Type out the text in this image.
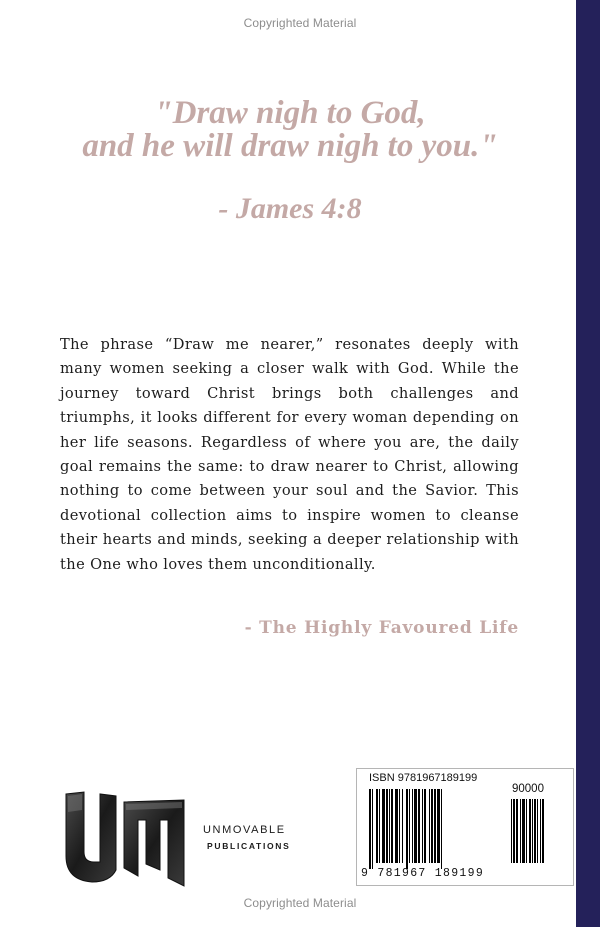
Copyrighted Material
"Draw nigh to God,
and he will draw nigh to you."
- James 4:8
The phrase “Draw me nearer,” resonates deeply with many women seeking a closer walk with God. While the journey toward Christ brings both challenges and triumphs, it looks different for every woman depending on her life seasons. Regardless of where you are, the daily goal remains the same: to draw nearer to Christ, allowing nothing to come between your soul and the Savior. This devotional collection aims to inspire women to cleanse their hearts and minds, seeking a deeper relationship with the One who loves them unconditionally.
- The Highly Favoured Life
UNMOVABLE
PUBLICATIONS
ISBN 9781967189199
90000
9 781967 189199
Copyrighted Material
